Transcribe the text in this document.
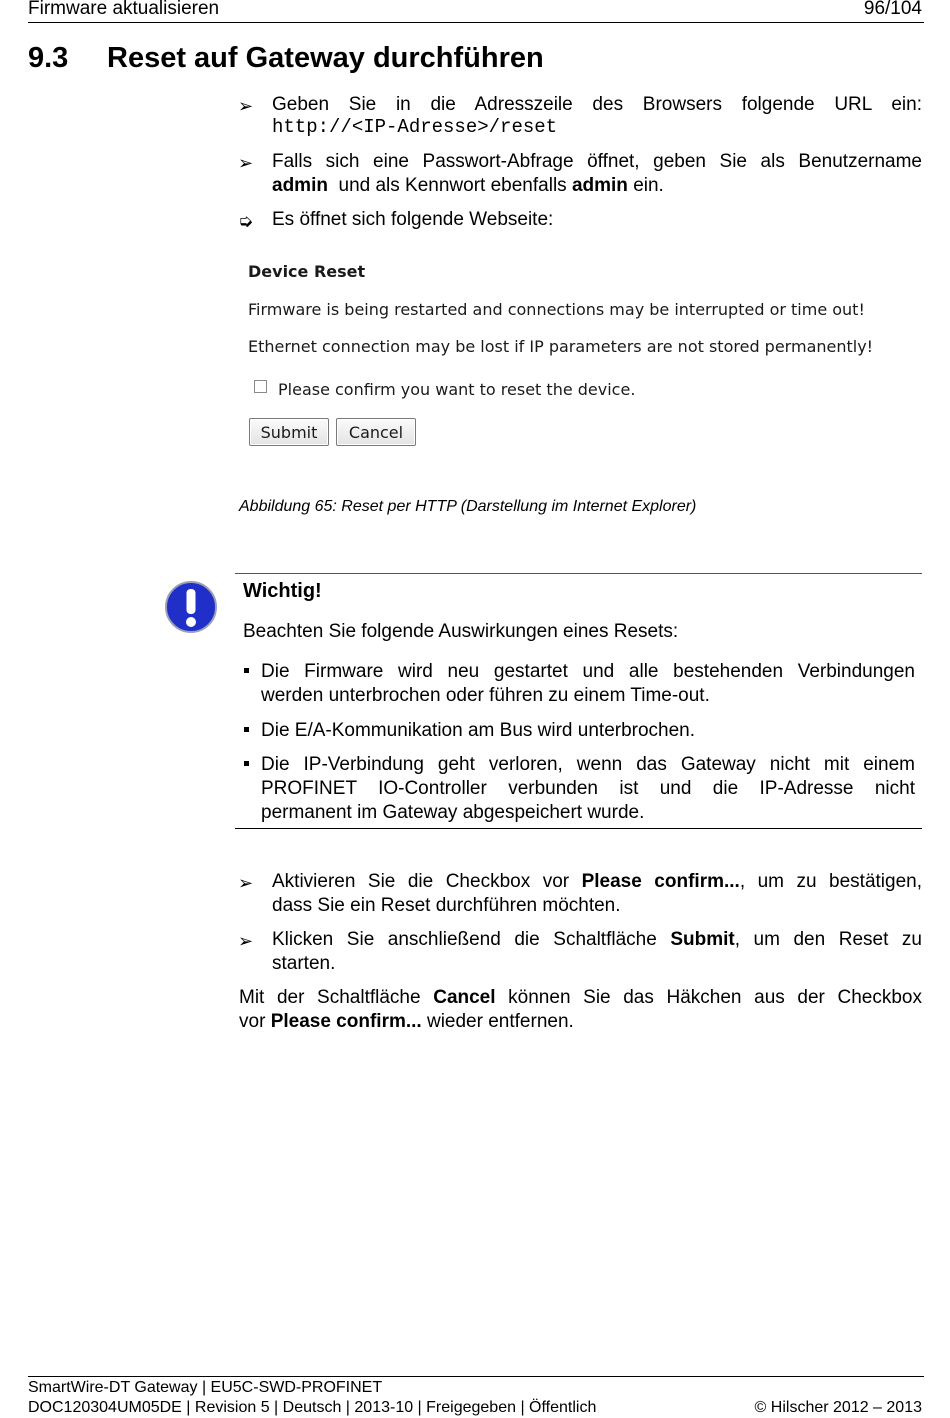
Firmware aktualisieren	96/104
9.3 Reset auf Gateway durchführen
➢ Geben Sie in die Adresszeile des Browsers folgende URL ein:
http://<IP-Adresse>/reset
➢ Falls sich eine Passwort-Abfrage öffnet, geben Sie als Benutzername
admin und als Kennwort ebenfalls admin ein.
➭ Es öffnet sich folgende Webseite:
Device Reset
Firmware is being restarted and connections may be interrupted or time out!
Ethernet connection may be lost if IP parameters are not stored permanently!
Please confirm you want to reset the device.
Submit	Cancel
Abbildung 65: Reset per HTTP (Darstellung im Internet Explorer)
Wichtig!
Beachten Sie folgende Auswirkungen eines Resets:
Die Firmware wird neu gestartet und alle bestehenden Verbindungen
werden unterbrochen oder führen zu einem Time-out.
Die E/A-Kommunikation am Bus wird unterbrochen.
Die IP-Verbindung geht verloren, wenn das Gateway nicht mit einem
PROFINET IO-Controller verbunden ist und die IP-Adresse nicht
permanent im Gateway abgespeichert wurde.
➢ Aktivieren Sie die Checkbox vor Please confirm..., um zu bestätigen,
dass Sie ein Reset durchführen möchten.
➢ Klicken Sie anschließend die Schaltfläche Submit, um den Reset zu
starten.
Mit der Schaltfläche Cancel können Sie das Häkchen aus der Checkbox
vor Please confirm... wieder entfernen.
SmartWire-DT Gateway | EU5C-SWD-PROFINET
DOC120304UM05DE | Revision 5 | Deutsch | 2013-10 | Freigegeben | Öffentlich	© Hilscher 2012 – 2013
